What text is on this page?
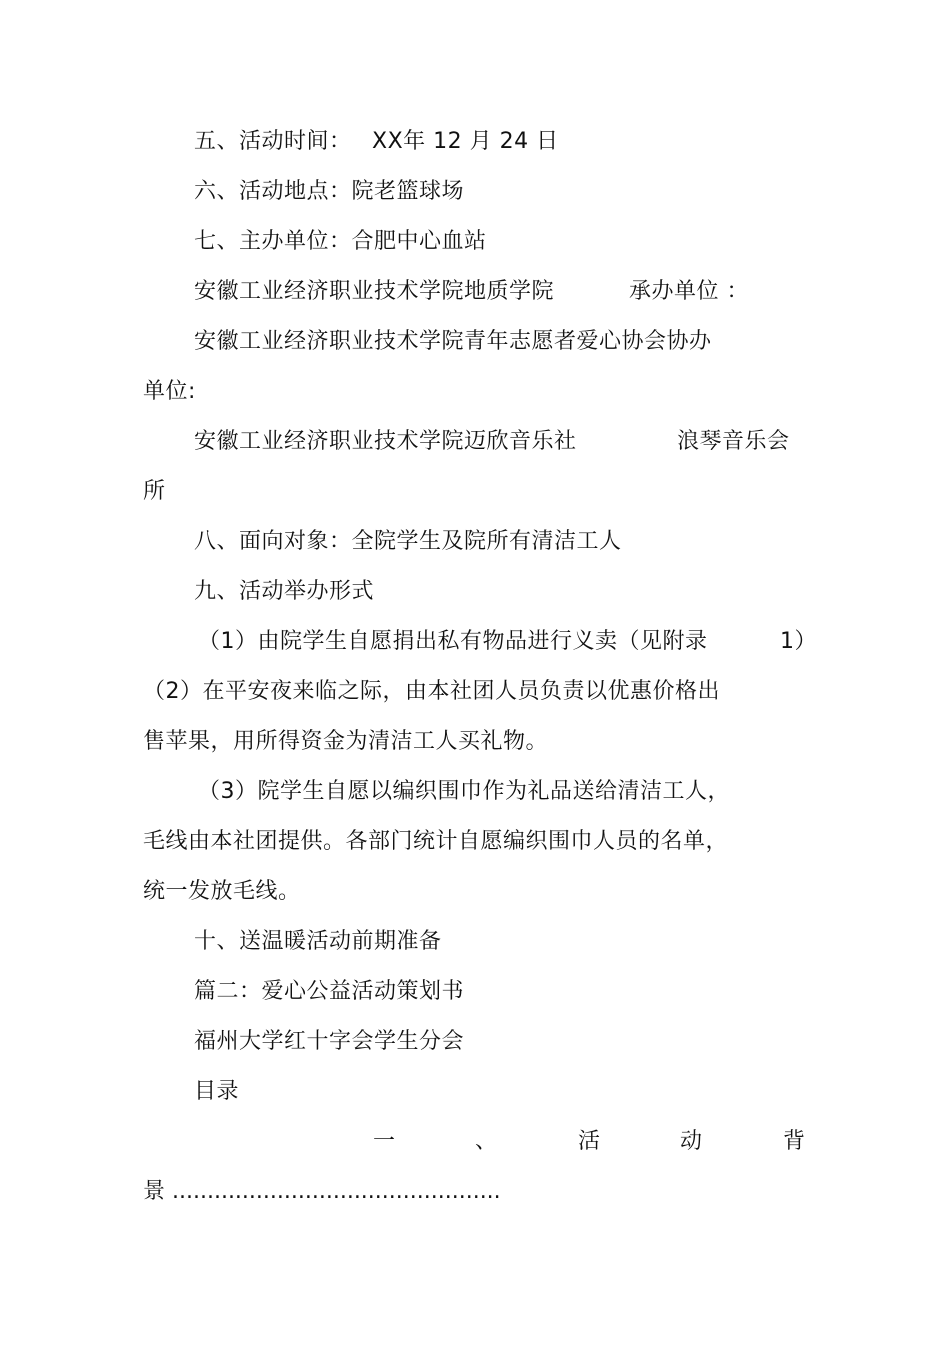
五、活动时间： XX年 12 月 24 日
六、活动地点：院老篮球场
七、主办单位：合肥中心血站
安徽工业经济职业技术学院地质学院	承办单位 ：
安徽工业经济职业技术学院青年志愿者爱心协会协办
单位:
安徽工业经济职业技术学院迈欣音乐社	浪琴音乐会
所
八、面向对象：全院学生及院所有清洁工人
九、活动举办形式
（1）由院学生自愿捐出私有物品进行义卖（见附录	1）
（2）在平安夜来临之际，由本社团人员负责以优惠价格出
售苹果，用所得资金为清洁工人买礼物。
（3）院学生自愿以编织围巾作为礼品送给清洁工人，
毛线由本社团提供。各部门统计自愿编织围巾人员的名单，
统一发放毛线。
十、送温暖活动前期准备
篇二：爱心公益活动策划书
福州大学红十字会学生分会
目录
一	、	活	动	背
景 ...............................................
